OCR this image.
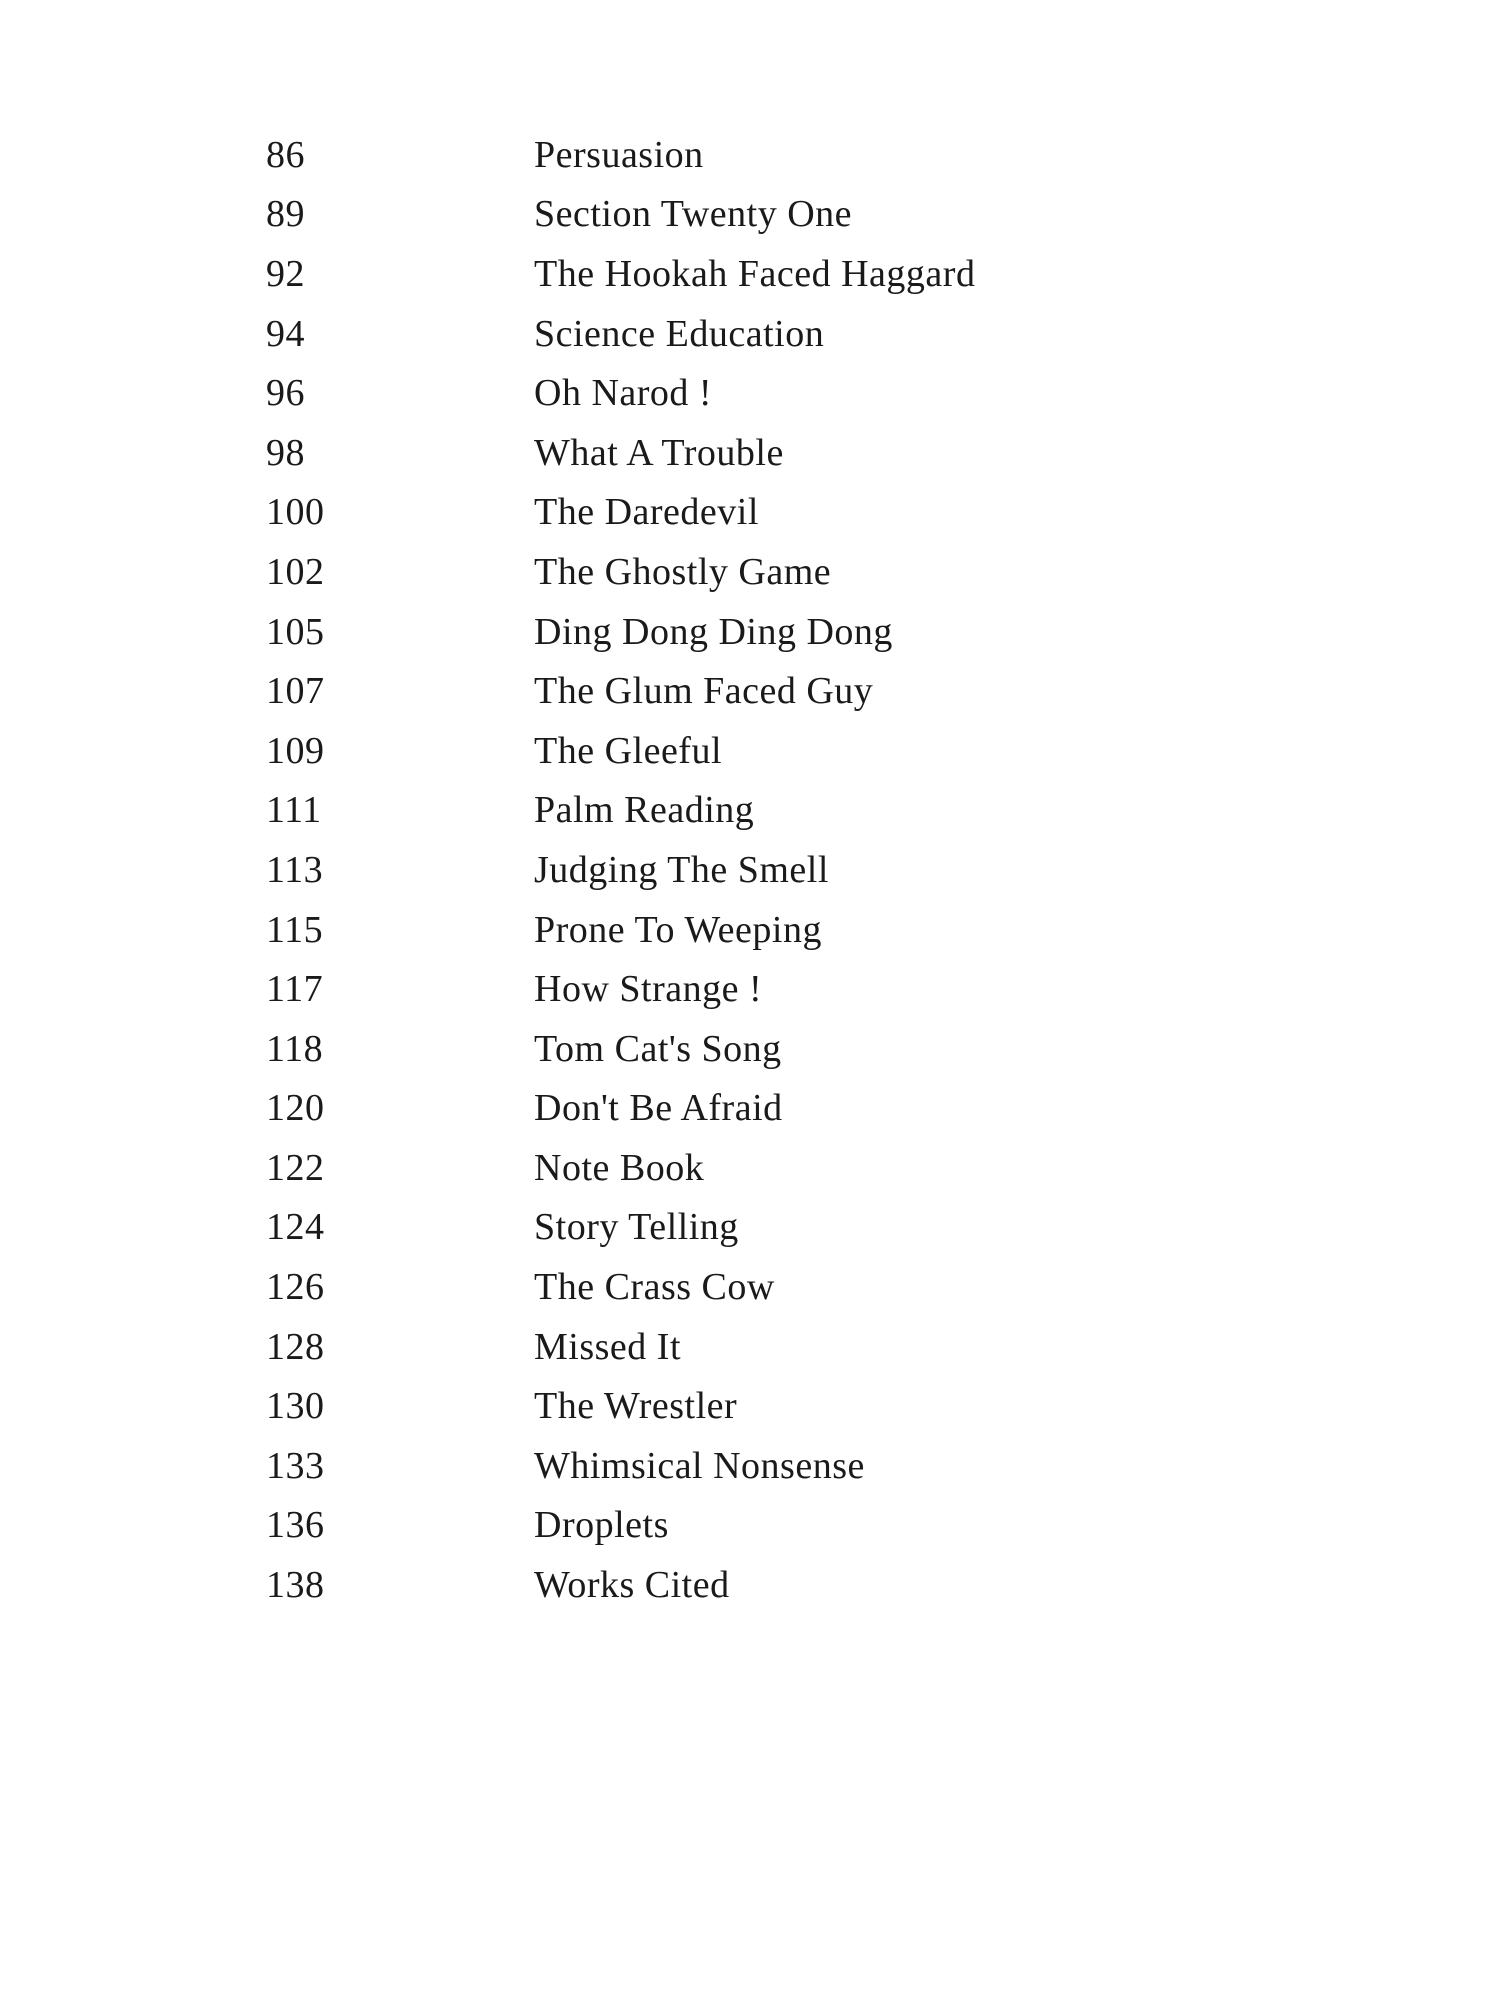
86	Persuasion
89	Section Twenty One
92	The Hookah Faced Haggard
94	Science Education
96	Oh Narod !
98	What A Trouble
100	The Daredevil
102	The Ghostly Game
105	Ding Dong Ding Dong
107	The Glum Faced Guy
109	The Gleeful
111	Palm Reading
113	Judging The Smell
115	Prone To Weeping
117	How Strange !
118	Tom Cat's Song
120	Don't Be Afraid
122	Note Book
124	Story Telling
126	The Crass Cow
128	Missed It
130	The Wrestler
133	Whimsical Nonsense
136	Droplets
138	Works Cited
